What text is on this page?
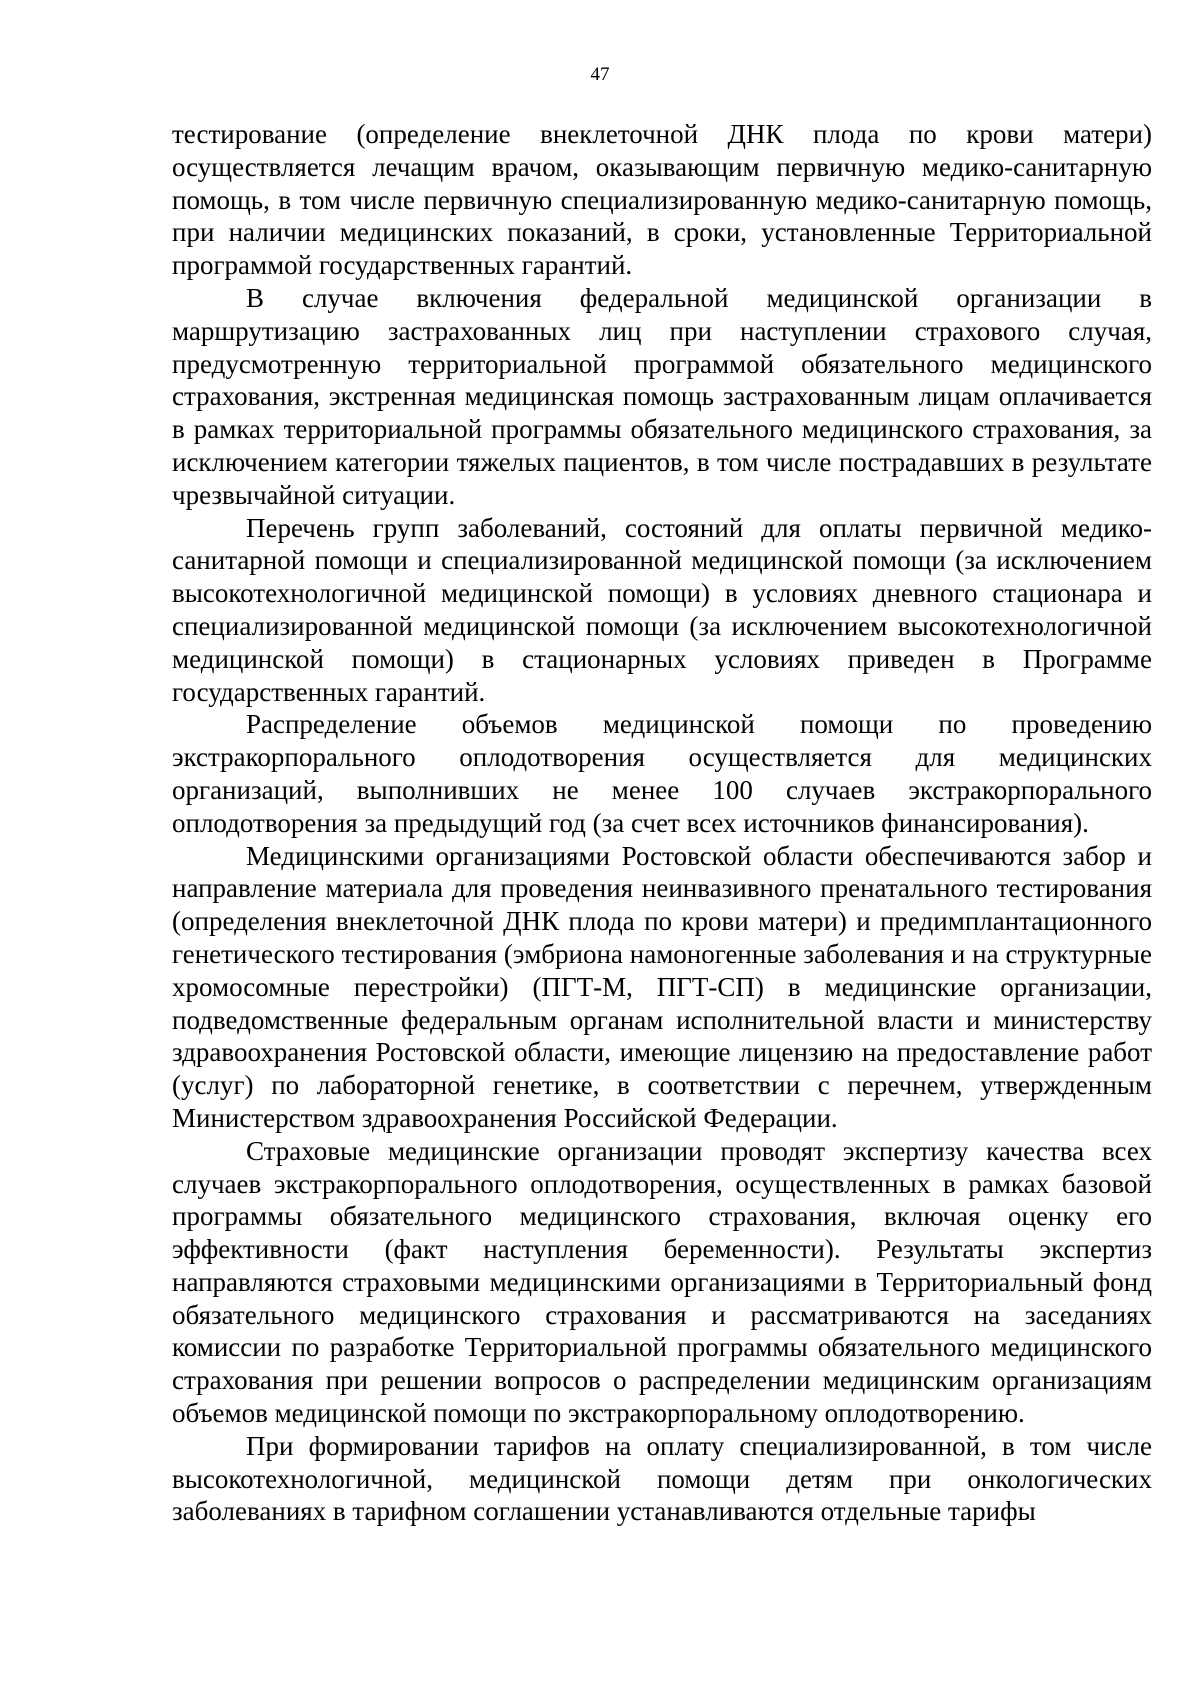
47

тестирование (определение внеклеточной ДНК плода по крови матери) осуществляется лечащим врачом, оказывающим первичную медико-санитарную помощь, в том числе первичную специализированную медико-санитарную помощь, при наличии медицинских показаний, в сроки, установленные Территориальной программой государственных гарантий.

В случае включения федеральной медицинской организации в маршрутизацию застрахованных лиц при наступлении страхового случая, предусмотренную территориальной программой обязательного медицинского страхования, экстренная медицинская помощь застрахованным лицам оплачивается в рамках территориальной программы обязательного медицинского страхования, за исключением категории тяжелых пациентов, в том числе пострадавших в результате чрезвычайной ситуации.

Перечень групп заболеваний, состояний для оплаты первичной медико-санитарной помощи и специализированной медицинской помощи (за исключением высокотехнологичной медицинской помощи) в условиях дневного стационара и специализированной медицинской помощи (за исключением высокотехнологичной медицинской помощи) в стационарных условиях приведен в Программе государственных гарантий.

Распределение объемов медицинской помощи по проведению экстракорпорального оплодотворения осуществляется для медицинских организаций, выполнивших не менее 100 случаев экстракорпорального оплодотворения за предыдущий год (за счет всех источников финансирования).

Медицинскими организациями Ростовской области обеспечиваются забор и направление материала для проведения неинвазивного пренатального тестирования (определения внеклеточной ДНК плода по крови матери) и предимплантационного генетического тестирования (эмбриона намоногенные заболевания и на структурные хромосомные перестройки) (ПГТ-М, ПГТ-СП) в медицинские организации, подведомственные федеральным органам исполнительной власти и министерству здравоохранения Ростовской области, имеющие лицензию на предоставление работ (услуг) по лабораторной генетике, в соответствии с перечнем, утвержденным Министерством здравоохранения Российской Федерации.

Страховые медицинские организации проводят экспертизу качества всех случаев экстракорпорального оплодотворения, осуществленных в рамках базовой программы обязательного медицинского страхования, включая оценку его эффективности (факт наступления беременности). Результаты экспертиз направляются страховыми медицинскими организациями в Территориальный фонд обязательного медицинского страхования и рассматриваются на заседаниях комиссии по разработке Территориальной программы обязательного медицинского страхования при решении вопросов о распределении медицинским организациям объемов медицинской помощи по экстракорпоральному оплодотворению.

При формировании тарифов на оплату специализированной, в том числе высокотехнологичной, медицинской помощи детям при онкологических заболеваниях в тарифном соглашении устанавливаются отдельные тарифы
